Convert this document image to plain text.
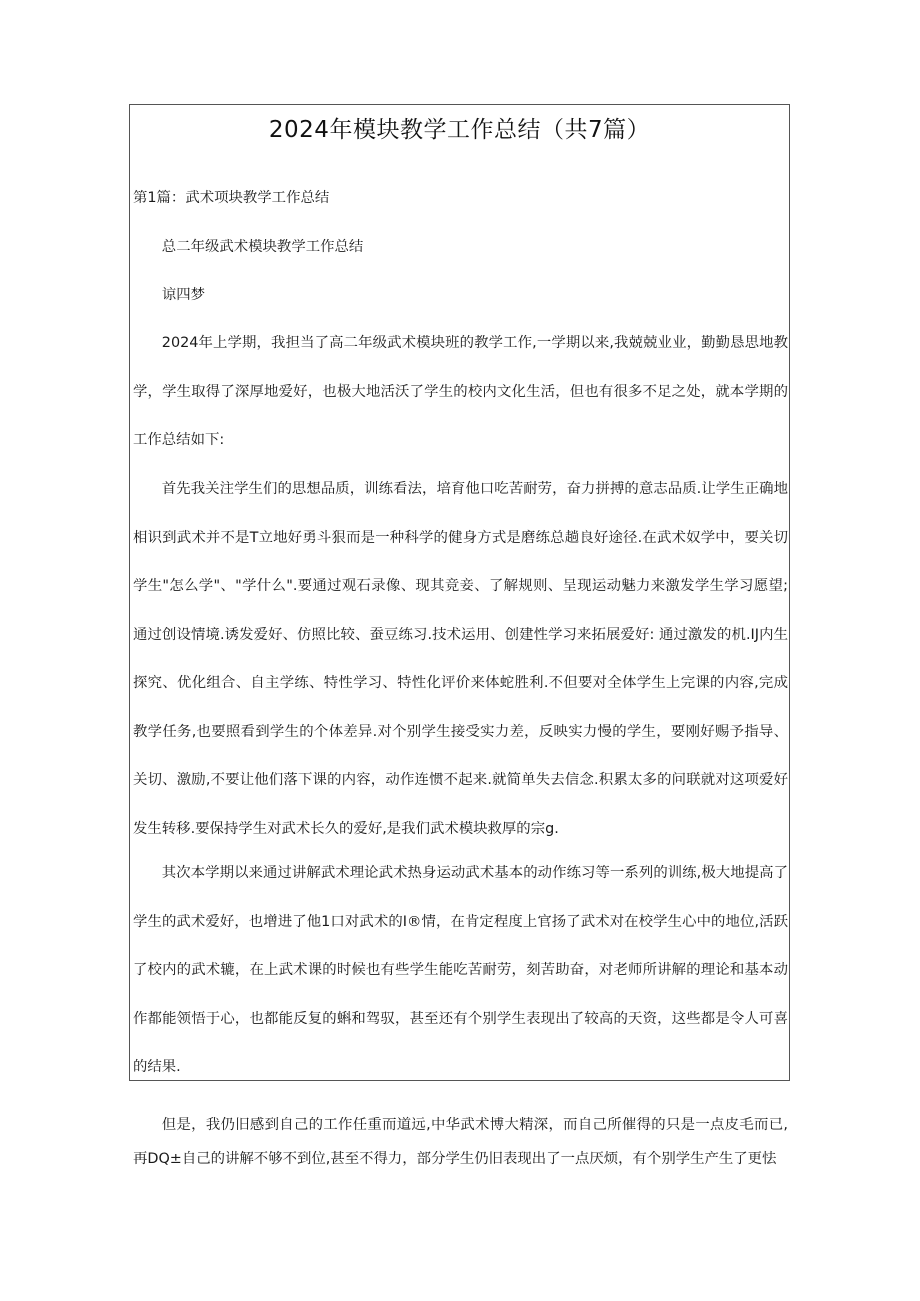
2024年模块教学工作总结（共7篇）

第1篇：武术项块教学工作总结

总二年级武术模块教学工作总结

谅四梦

2024年上学期，我担当了高二年级武术模块班的教学工作,一学期以来,我兢兢业业，勤勤恳思地教学，学生取得了深厚地爱好，也极大地活沃了学生的校内文化生活，但也有很多不足之处，就本学期的工作总结如下:

首先我关注学生们的思想品质，训练看法，培育他口吃苦耐劳，奋力拼搏的意志品质.让学生正确地相识到武术并不是T立地好勇斗狠而是一种科学的健身方式是磨练总趟良好途径.在武术奴学中，要关切学生"怎么学"、"学什么".要通过观石录像、现其竞妾、了解规则、呈现运动魅力来激发学生学习愿望; 通过创设情境.诱发爱好、仿照比较、蚕豆练习.技术运用、创建性学习来拓展爱好: 通过激发的机.IJ内生探究、优化组合、自主学练、特性学习、特性化评价来体蛇胜利.不但要对全体学生上完课的内容,完成教学任务,也要照看到学生的个体差异.对个别学生接受实力差，反映实力慢的学生，要刚好赐予指导、关切、激励,不要让他们落下课的内容，动作连惯不起来.就简单失去信念.积累太多的问联就对这项爱好发生转移.要保持学生对武术长久的爱好,是我们武术模块救厚的宗g.

其次本学期以来通过讲解武术理论武术热身运动武术基本的动作练习等一系列的训练,极大地提高了学生的武术爱好，也增进了他1口对武术的I®情，在肯定程度上官扬了武术对在校学生心中的地位,活跃了校内的武术辘，在上武术课的时候也有些学生能吃苦耐劳，刻苦助奋，对老师所讲解的理论和基本动作都能领悟于心，也都能反复的蝌和驾驭，甚至还有个别学生表现出了较高的天资，这些都是令人可喜的结果.

但是，我仍旧感到自己的工作任重而道远,中华武术博大精深，而自己所催得的只是一点皮毛而已,再DQ±自己的讲解不够不到位,甚至不得力，部分学生仍旧表现出了一点厌烦，有个别学生产生了更怯
